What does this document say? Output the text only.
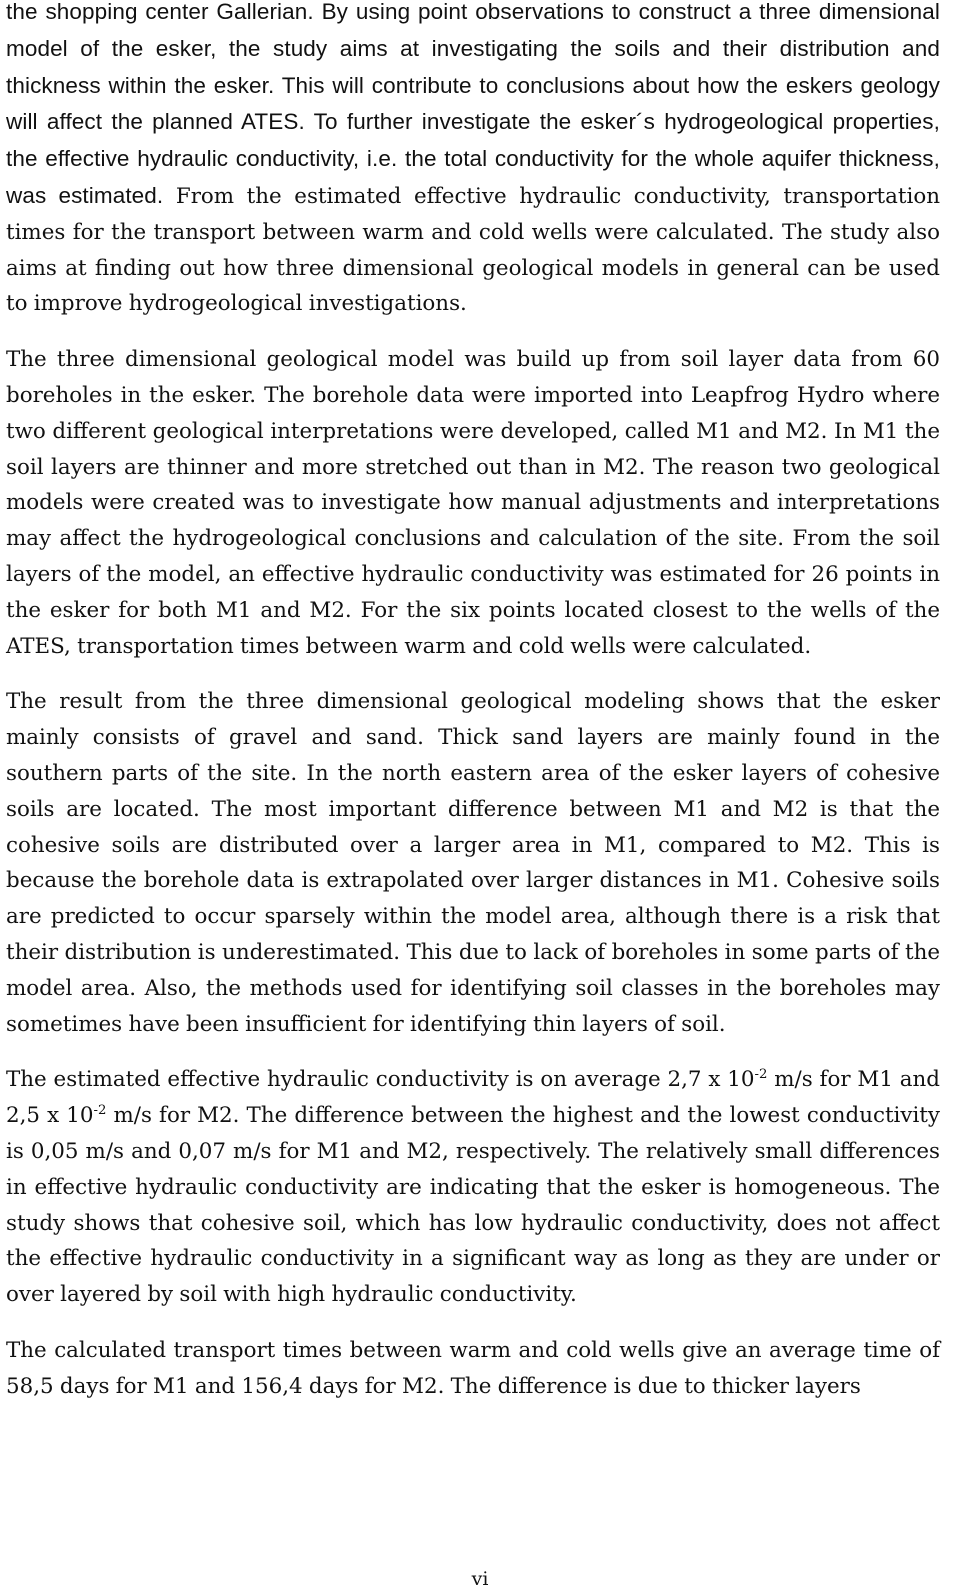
the shopping center Gallerian. By using point observations to construct a three dimensional model of the esker, the study aims at investigating the soils and their distribution and thickness within the esker. This will contribute to conclusions about how the eskers geology will affect the planned ATES. To further investigate the esker´s hydrogeological properties, the effective hydraulic conductivity, i.e. the total conductivity for the whole aquifer thickness, was estimated. From the estimated effective hydraulic conductivity, transportation times for the transport between warm and cold wells were calculated. The study also aims at finding out how three dimensional geological models in general can be used to improve hydrogeological investigations.

The three dimensional geological model was build up from soil layer data from 60 boreholes in the esker. The borehole data were imported into Leapfrog Hydro where two different geological interpretations were developed, called M1 and M2. In M1 the soil layers are thinner and more stretched out than in M2. The reason two geological models were created was to investigate how manual adjustments and interpretations may affect the hydrogeological conclusions and calculation of the site. From the soil layers of the model, an effective hydraulic conductivity was estimated for 26 points in the esker for both M1 and M2. For the six points located closest to the wells of the ATES, transportation times between warm and cold wells were calculated.

The result from the three dimensional geological modeling shows that the esker mainly consists of gravel and sand. Thick sand layers are mainly found in the southern parts of the site. In the north eastern area of the esker layers of cohesive soils are located. The most important difference between M1 and M2 is that the cohesive soils are distributed over a larger area in M1, compared to M2. This is because the borehole data is extrapolated over larger distances in M1. Cohesive soils are predicted to occur sparsely within the model area, although there is a risk that their distribution is underestimated. This due to lack of boreholes in some parts of the model area. Also, the methods used for identifying soil classes in the boreholes may sometimes have been insufficient for identifying thin layers of soil.

The estimated effective hydraulic conductivity is on average 2,7 x $10^{-2}$ m/s for M1 and 2,5 x $10^{-2}$ m/s for M2. The difference between the highest and the lowest conductivity is 0,05 m/s and 0,07 m/s for M1 and M2, respectively. The relatively small differences in effective hydraulic conductivity are indicating that the esker is homogeneous. The study shows that cohesive soil, which has low hydraulic conductivity, does not affect the effective hydraulic conductivity in a significant way as long as they are under or over layered by soil with high hydraulic conductivity.

The calculated transport times between warm and cold wells give an average time of 58,5 days for M1 and 156,4 days for M2. The difference is due to thicker layers

vi
